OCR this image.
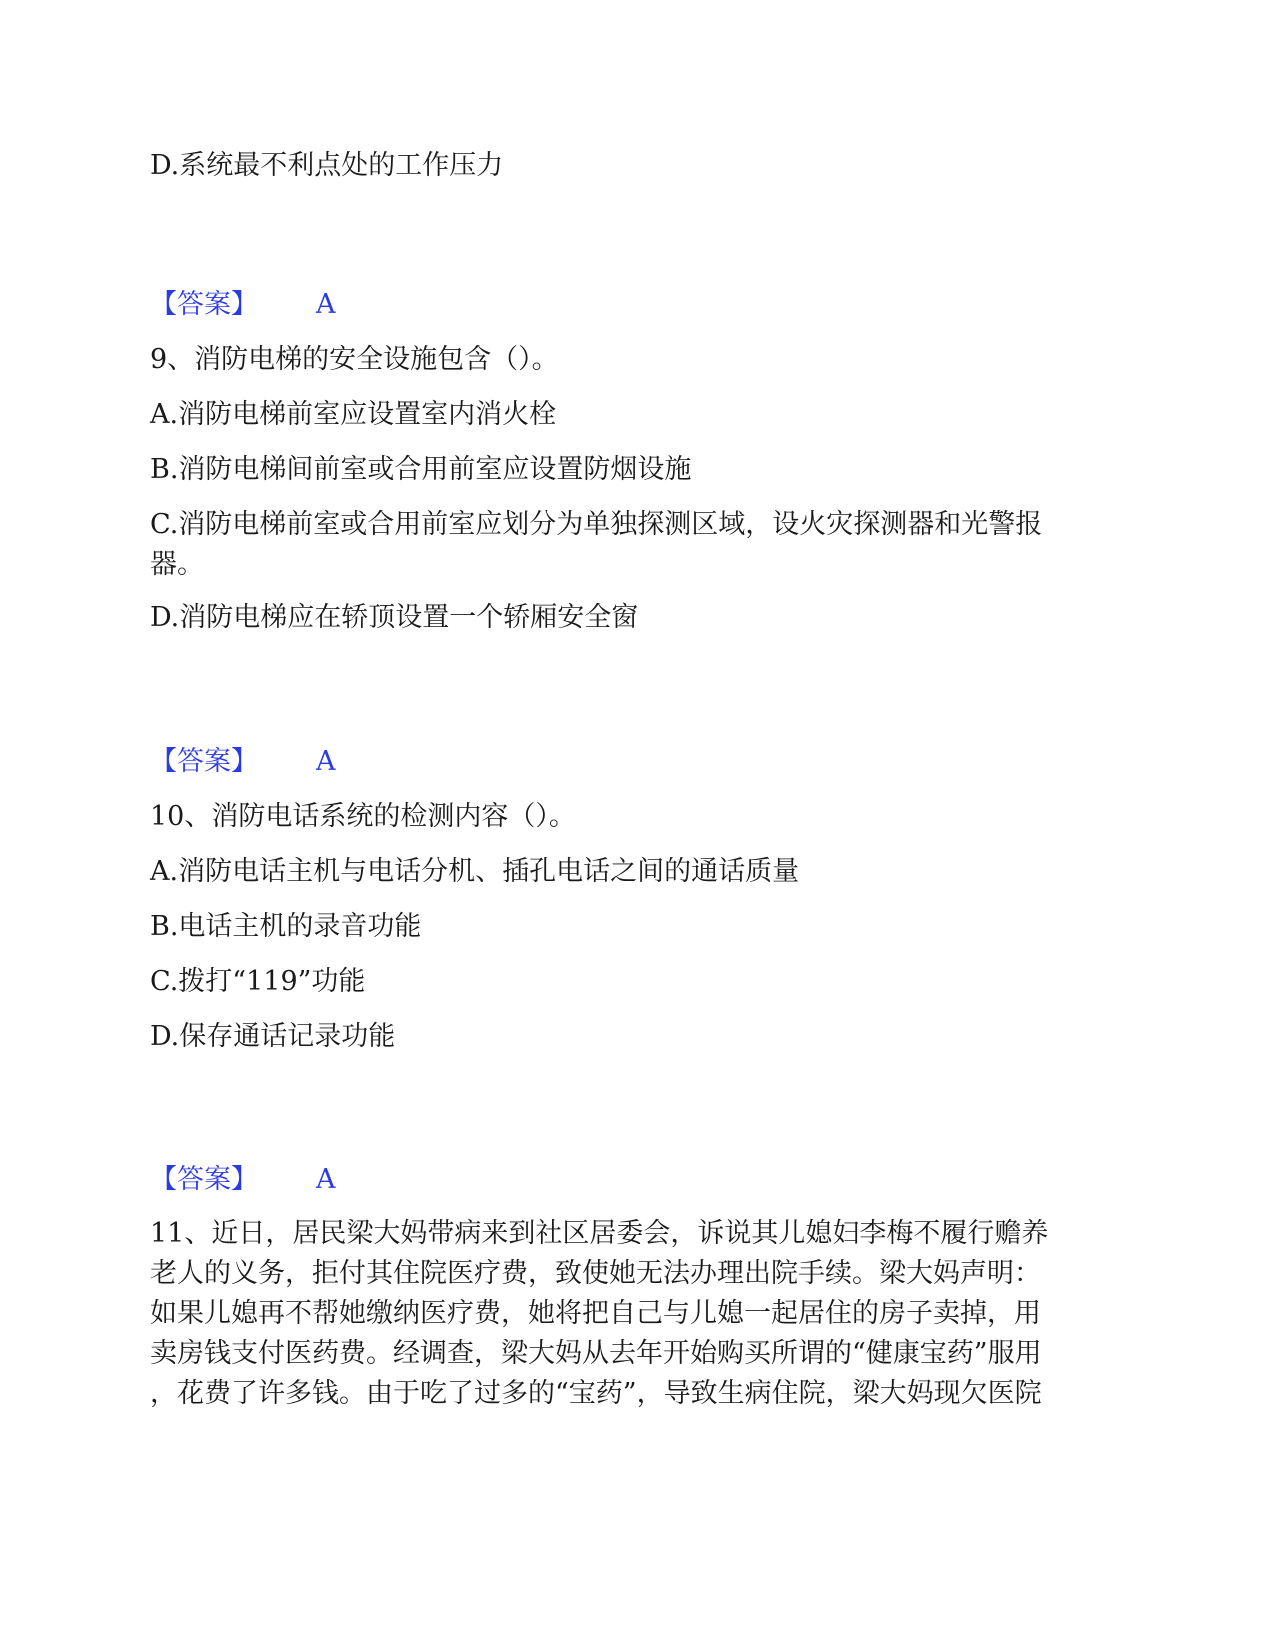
D.系统最不利点处的工作压力
【答案】 A
9、消防电梯的安全设施包含（）。
A.消防电梯前室应设置室内消火栓
B.消防电梯间前室或合用前室应设置防烟设施
C.消防电梯前室或合用前室应划分为单独探测区域，设火灾探测器和光警报
器。
D.消防电梯应在轿顶设置一个轿厢安全窗
【答案】 A
10、消防电话系统的检测内容（）。
A.消防电话主机与电话分机、插孔电话之间的通话质量
B.电话主机的录音功能
C.拨打“119”功能
D.保存通话记录功能
【答案】 A
11、近日，居民梁大妈带病来到社区居委会，诉说其儿媳妇李梅不履行赡养
老人的义务，拒付其住院医疗费，致使她无法办理出院手续。梁大妈声明：
如果儿媳再不帮她缴纳医疗费，她将把自己与儿媳一起居住的房子卖掉，用
卖房钱支付医药费。经调查，梁大妈从去年开始购买所谓的“健康宝药”服用
，花费了许多钱。由于吃了过多的“宝药”，导致生病住院，梁大妈现欠医院
